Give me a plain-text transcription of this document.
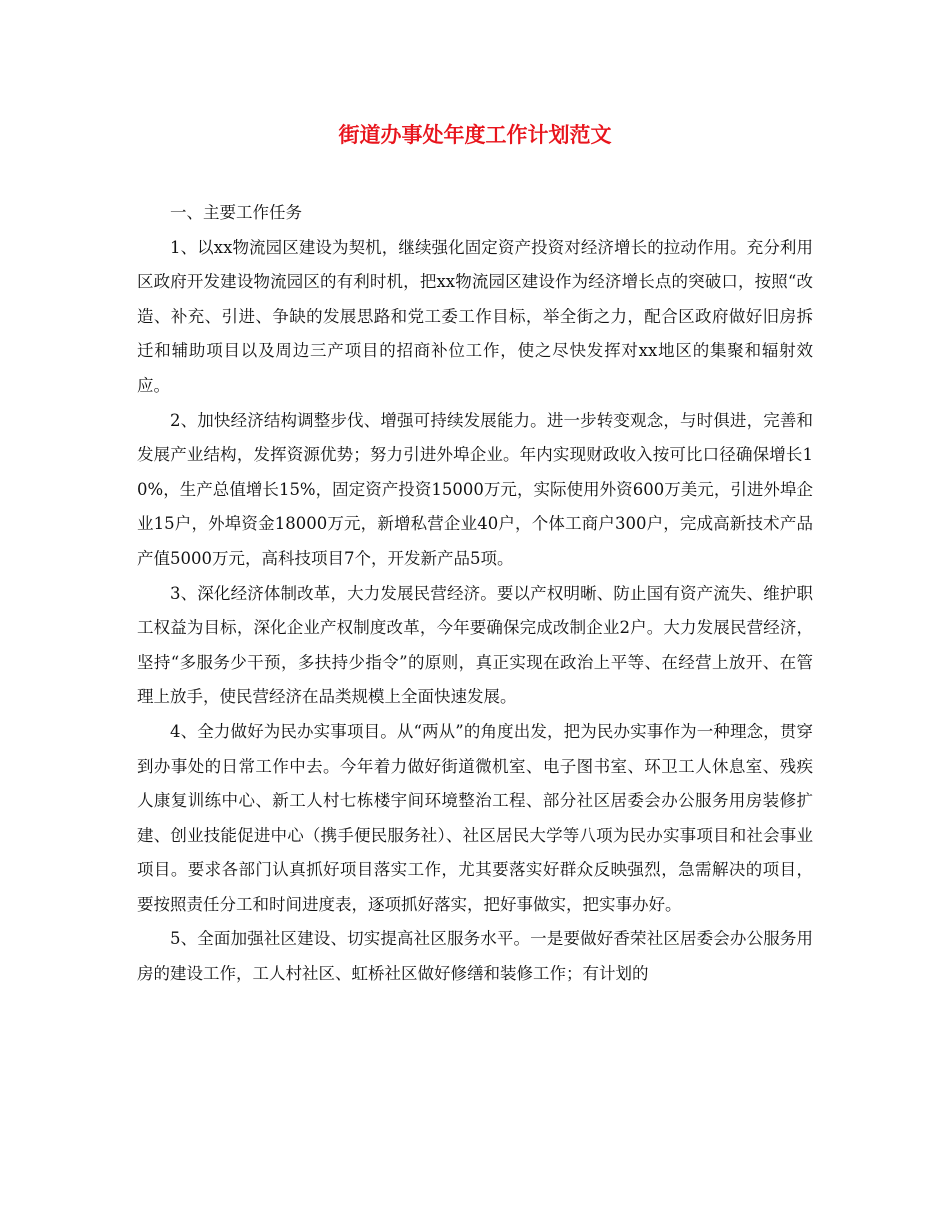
街道办事处年度工作计划范文

一、主要工作任务

1、以xx物流园区建设为契机，继续强化固定资产投资对经济增长的拉动作用。充分利用区政府开发建设物流园区的有利时机，把xx物流园区建设作为经济增长点的突破口，按照“改造、补充、引进、争缺的发展思路和党工委工作目标，举全街之力，配合区政府做好旧房拆迁和辅助项目以及周边三产项目的招商补位工作，使之尽快发挥对xx地区的集聚和辐射效应。

2、加快经济结构调整步伐、增强可持续发展能力。进一步转变观念，与时俱进，完善和发展产业结构，发挥资源优势；努力引进外埠企业。年内实现财政收入按可比口径确保增长10%，生产总值增长15%，固定资产投资15000万元，实际使用外资600万美元，引进外埠企业15户，外埠资金18000万元，新增私营企业40户，个体工商户300户，完成高新技术产品产值5000万元，高科技项目7个，开发新产品5项。

3、深化经济体制改革，大力发展民营经济。要以产权明晰、防止国有资产流失、维护职工权益为目标，深化企业产权制度改革，今年要确保完成改制企业2户。大力发展民营经济，坚持“多服务少干预，多扶持少指令”的原则，真正实现在政治上平等、在经营上放开、在管理上放手，使民营经济在品类规模上全面快速发展。

4、全力做好为民办实事项目。从“两从”的角度出发，把为民办实事作为一种理念，贯穿到办事处的日常工作中去。今年着力做好街道微机室、电子图书室、环卫工人休息室、残疾人康复训练中心、新工人村七栋楼宇间环境整治工程、部分社区居委会办公服务用房装修扩建、创业技能促进中心（携手便民服务社）、社区居民大学等八项为民办实事项目和社会事业项目。要求各部门认真抓好项目落实工作，尤其要落实好群众反映强烈，急需解决的项目，要按照责任分工和时间进度表，逐项抓好落实，把好事做实，把实事办好。

5、全面加强社区建设、切实提高社区服务水平。一是要做好香荣社区居委会办公服务用房的建设工作，工人村社区、虹桥社区做好修缮和装修工作；有计划的
